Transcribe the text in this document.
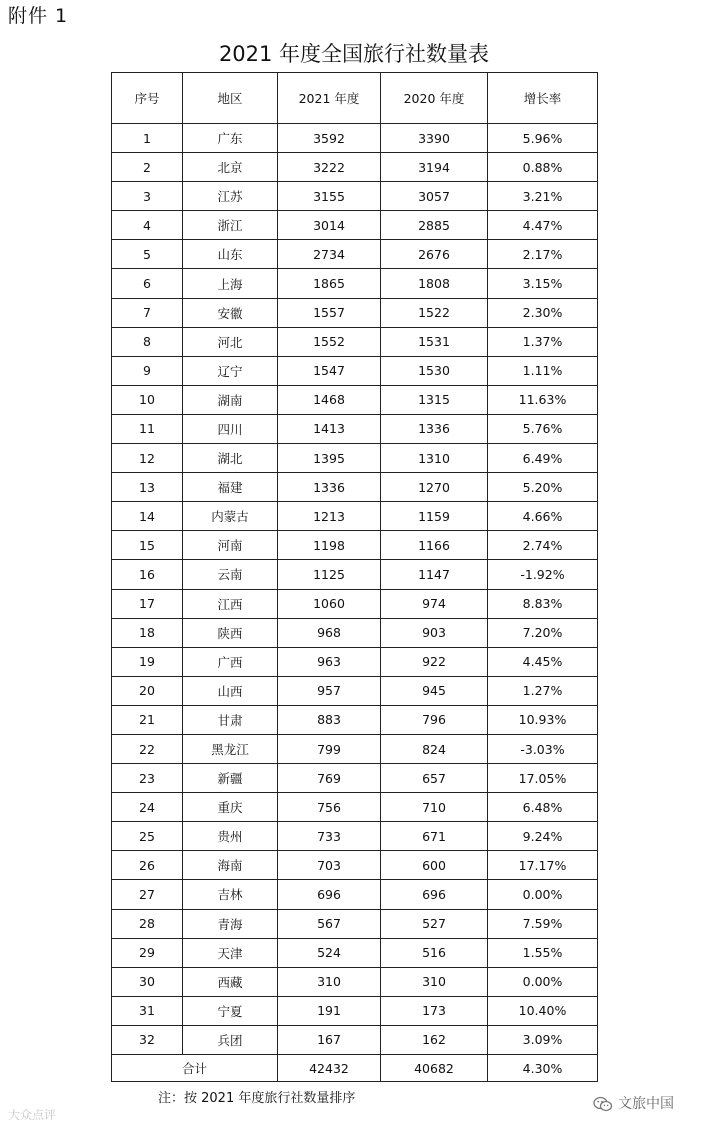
附件 1
2021 年度全国旅行社数量表
序号	地区	2021 年度	2020 年度	增长率
1	广东	3592	3390	5.96%
2	北京	3222	3194	0.88%
3	江苏	3155	3057	3.21%
4	浙江	3014	2885	4.47%
5	山东	2734	2676	2.17%
6	上海	1865	1808	3.15%
7	安徽	1557	1522	2.30%
8	河北	1552	1531	1.37%
9	辽宁	1547	1530	1.11%
10	湖南	1468	1315	11.63%
11	四川	1413	1336	5.76%
12	湖北	1395	1310	6.49%
13	福建	1336	1270	5.20%
14	内蒙古	1213	1159	4.66%
15	河南	1198	1166	2.74%
16	云南	1125	1147	-1.92%
17	江西	1060	974	8.83%
18	陕西	968	903	7.20%
19	广西	963	922	4.45%
20	山西	957	945	1.27%
21	甘肃	883	796	10.93%
22	黑龙江	799	824	-3.03%
23	新疆	769	657	17.05%
24	重庆	756	710	6.48%
25	贵州	733	671	9.24%
26	海南	703	600	17.17%
27	吉林	696	696	0.00%
28	青海	567	527	7.59%
29	天津	524	516	1.55%
30	西藏	310	310	0.00%
31	宁夏	191	173	10.40%
32	兵团	167	162	3.09%
合计		42432	40682	4.30%
注：按 2021 年度旅行社数量排序
大众点评
文旅中国
